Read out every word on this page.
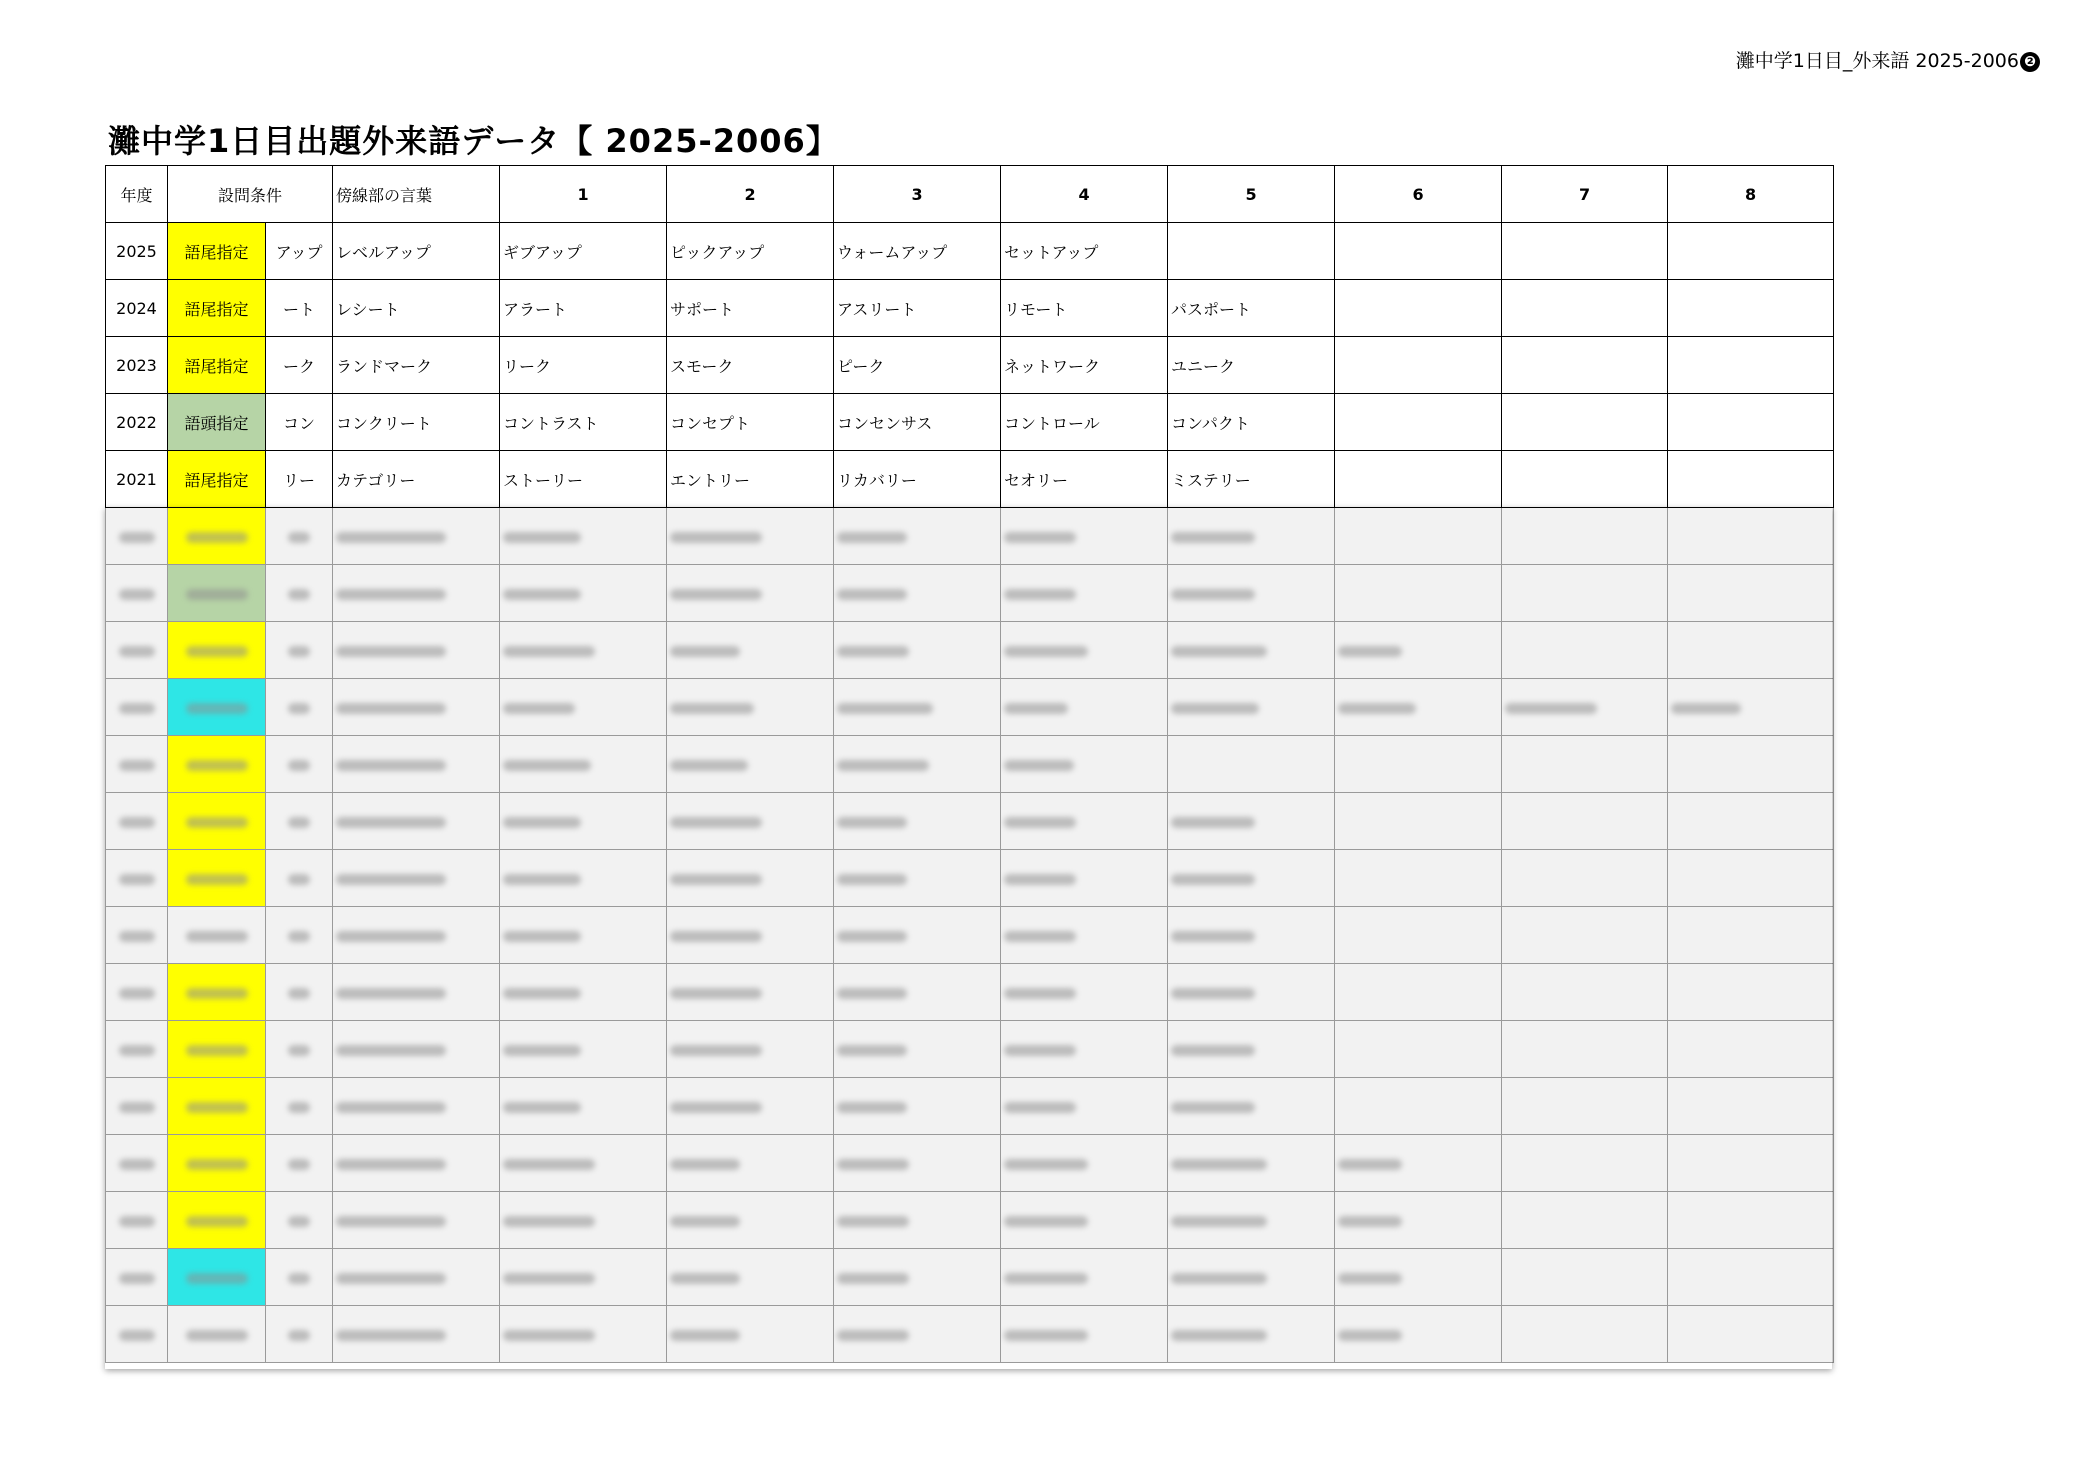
灘中学1日目_外来語 2025-2006 ❷
灘中学1日目出題外来語データ【 2025-2006】
年度	設問条件		傍線部の言葉	1	2	3	4	5	6	7	8
2025	語尾指定	アップ	レベルアップ	ギブアップ	ピックアップ	ウォームアップ	セットアップ				
2024	語尾指定	ート	レシート	アラート	サポート	アスリート	リモート	パスポート			
2023	語尾指定	ーク	ランドマーク	リーク	スモーク	ピーク	ネットワーク	ユニーク			
2022	語頭指定	コン	コンクリート	コントラスト	コンセプト	コンセンサス	コントロール	コンパクト			
2021	語尾指定	リー	カテゴリー	ストーリー	エントリー	リカバリー	セオリー	ミステリー			
